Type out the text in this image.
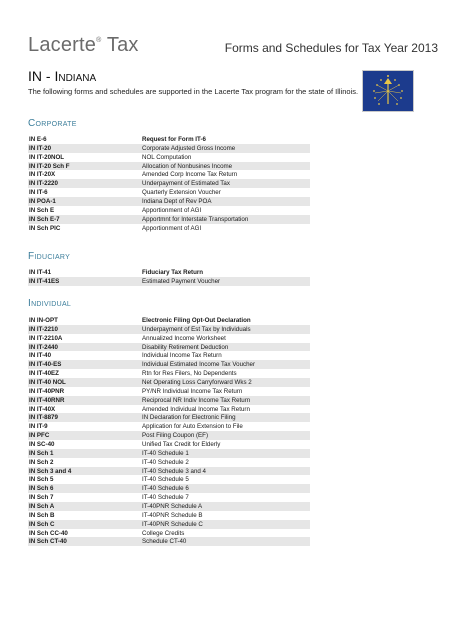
Lacerte® Tax	Forms and Schedules for Tax Year 2013
IN - Indiana
The following forms and schedules are supported in the Lacerte Tax program for the state of Illinois.
Corporate
IN E-6	Request for Form IT-6
IN IT-20	Corporate Adjusted Gross Income
IN IT-20NOL	NOL Computation
IN IT-20 Sch F	Allocation of Nonbusines Income
IN IT-20X	Amended Corp Income Tax Return
IN IT-2220	Underpayment of Estimated Tax
IN IT-6	Quarterly Extension Voucher
IN POA-1	Indiana Dept of Rev POA
IN Sch E	Apportionment of AGI
IN Sch E-7	Apportmnt for Interstate Transportation
IN Sch PIC	Apportionment of AGI
Fiduciary
IN IT-41	Fiduciary Tax Return
IN IT-41ES	Estimated Payment Voucher
Individual
IN IN-OPT	Electronic Filing Opt-Out Declaration
IN IT-2210	Underpayment of Est Tax by Individuals
IN IT-2210A	Annualized Income Worksheet
IN IT-2440	Disability Retirement Deduction
IN IT-40	Individual Income Tax Return
IN IT-40-ES	Individual Estimated Income Tax Voucher
IN IT-40EZ	Rtn for Res Filers, No Dependents
IN IT-40 NOL	Net Operating Loss Carryforward Wks 2
IN IT-40PNR	PY/NR Individual Income Tax Return
IN IT-40RNR	Reciprocal NR Indiv Income Tax Return
IN IT-40X	Amended Individual Income Tax Return
IN IT-8879	IN Declaration for Electronic Filing
IN IT-9	Application for Auto Extension to File
IN PFC	Post Filing Coupon (EF)
IN SC-40	Unified Tax Credit for Elderly
IN Sch 1	IT-40 Schedule 1
IN Sch 2	IT-40 Schedule 2
IN Sch 3 and 4	IT-40 Schedule 3 and 4
IN Sch 5	IT-40 Schedule 5
IN Sch 6	IT-40 Schedule 6
IN Sch 7	IT-40 Schedule 7
IN Sch A	IT-40PNR Schedule A
IN Sch B	IT-40PNR Schedule B
IN Sch C	IT-40PNR Schedule C
IN Sch CC-40	College Credits
IN Sch CT-40	Schedule CT-40
